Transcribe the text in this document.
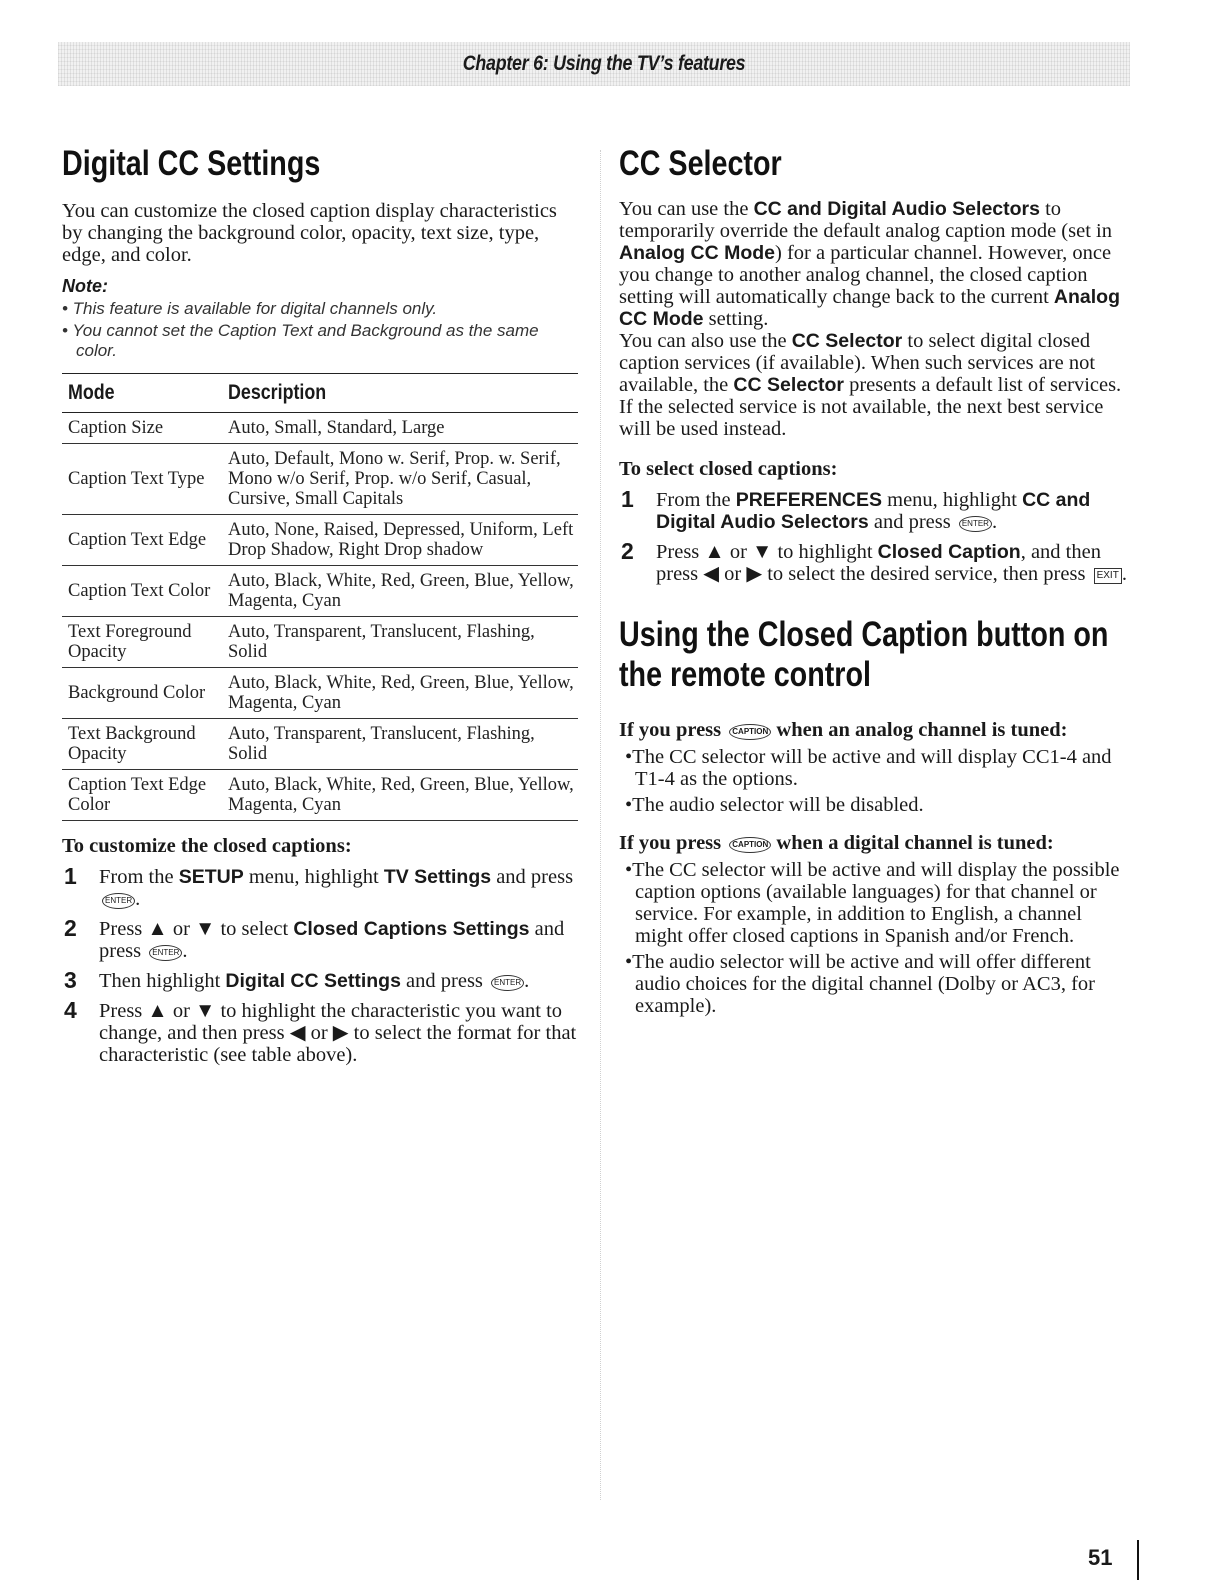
Chapter 6: Using the TV’s features
Digital CC Settings

You can customize the closed caption display characteristics by changing the background color, opacity, text size, type, edge, and color.

Note:
• This feature is available for digital channels only.
• You cannot set the Caption Text and Background as the same color.
Mode	Description
Caption Size	Auto, Small, Standard, Large
Caption Text Type	Auto, Default, Mono w. Serif, Prop. w. Serif, Mono w/o Serif, Prop. w/o Serif, Casual, Cursive, Small Capitals
Caption Text Edge	Auto, None, Raised, Depressed, Uniform, Left Drop Shadow, Right Drop shadow
Caption Text Color	Auto, Black, White, Red, Green, Blue, Yellow, Magenta, Cyan
Text Foreground Opacity	Auto, Transparent, Translucent, Flashing, Solid
Background Color	Auto, Black, White, Red, Green, Blue, Yellow, Magenta, Cyan
Text Background Opacity	Auto, Transparent, Translucent, Flashing, Solid
Caption Text Edge Color	Auto, Black, White, Red, Green, Blue, Yellow, Magenta, Cyan
To customize the closed captions:
1 From the SETUP menu, highlight TV Settings and press ENTER .
2 Press ▲ or ▼ to select Closed Captions Settings and press ENTER .
3 Then highlight Digital CC Settings and press ENTER .
4 Press ▲ or ▼ to highlight the characteristic you want to change, and then press ◀ or ▶ to select the format for that characteristic (see table above).
CC Selector

You can use the CC and Digital Audio Selectors to temporarily override the default analog caption mode (set in Analog CC Mode) for a particular channel. However, once you change to another analog channel, the closed caption setting will automatically change back to the current Analog CC Mode setting.

You can also use the CC Selector to select digital closed caption services (if available). When such services are not available, the CC Selector presents a default list of services. If the selected service is not available, the next best service will be used instead.

To select closed captions:
1 From the PREFERENCES menu, highlight CC and Digital Audio Selectors and press ENTER .
2 Press ▲ or ▼ to highlight Closed Caption, and then press ◀ or ▶ to select the desired service, then press EXIT .
Using the Closed Caption button on the remote control
If you press CAPTION when an analog channel is tuned:
•The CC selector will be active and will display CC1-4 and T1-4 as the options.
•The audio selector will be disabled.
If you press CAPTION when a digital channel is tuned:
•The CC selector will be active and will display the possible caption options (available languages) for that channel or service. For example, in addition to English, a channel might offer closed captions in Spanish and/or French.
•The audio selector will be active and will offer different audio choices for the digital channel (Dolby or AC3, for example).
51
